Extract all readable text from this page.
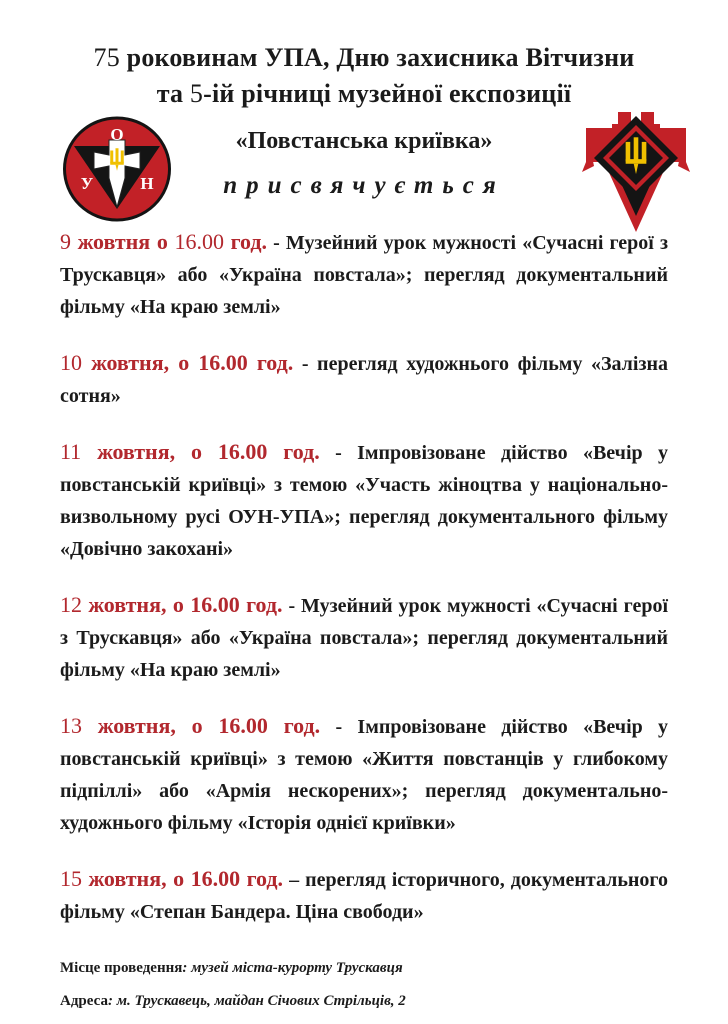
75 роковинам УПА, Дню захисника Вітчизни
та 5-ій річниці музейної експозиції
О
У	Н
«Повстанська криївка»
присвячується

9 жовтня о 16.00 год. - Музейний урок мужності «Сучасні герої з Трускавця» або «Україна повстала»; перегляд документальний фільму «На краю землі»

10 жовтня, о 16.00 год. - перегляд художнього фільму «Залізна сотня»

11 жовтня, о 16.00 год. - Імпровізоване дійство «Вечір у повстанській криївці» з темою «Участь жіноцтва у національно-визвольному русі ОУН-УПА»; перегляд документального фільму «Довічно закохані»

12 жовтня, о 16.00 год. - Музейний урок мужності «Сучасні герої з Трускавця» або «Україна повстала»; перегляд документальний фільму «На краю землі»

13 жовтня, о 16.00 год. - Імпровізоване дійство «Вечір у повстанській криївці» з темою «Життя повстанців у глибокому підпіллі» або «Армія нескорених»; перегляд документально-художнього фільму «Історія однієї криївки»

15 жовтня, о 16.00 год. – перегляд історичного, документального фільму «Степан Бандера. Ціна свободи»

Місце проведення: музей міста-курорту Трускавця
Адреса: м. Трускавець, майдан Січових Стрільців, 2
